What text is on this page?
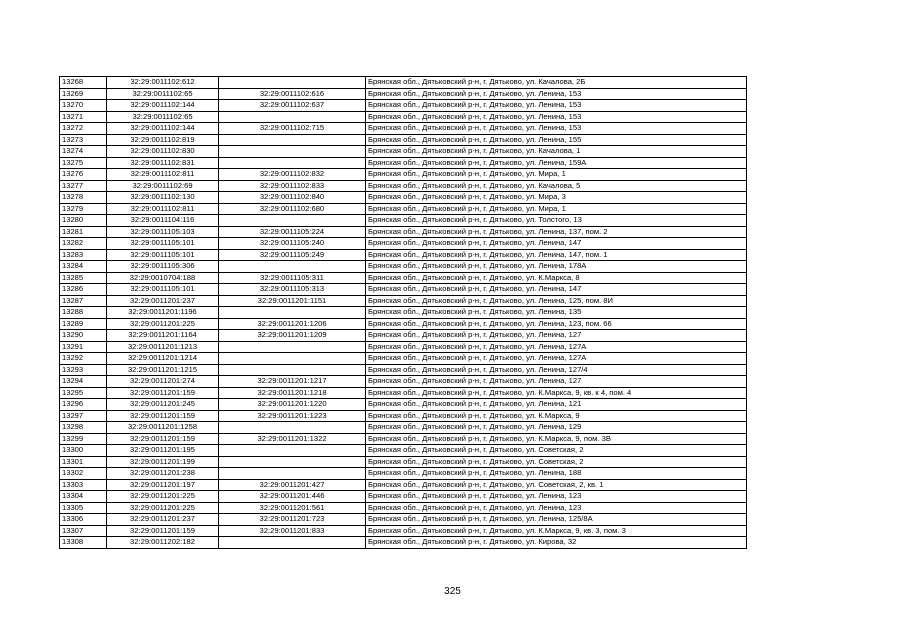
13268	32:29:0011102:612		Брянская обл., Дятьковский р-н, г. Дятьково, ул. Качалова, 2Б
13269	32:29:0011102:65	32:29:0011102:616	Брянская обл., Дятьковский р-н, г. Дятьково, ул. Ленина, 153
13270	32:29:0011102:144	32:29:0011102:637	Брянская обл., Дятьковский р-н, г. Дятьково, ул. Ленина, 153
13271	32:29:0011102:65		Брянская обл., Дятьковский р-н, г. Дятьково, ул. Ленина, 153
13272	32:29:0011102:144	32:29:0011102:715	Брянская обл., Дятьковский р-н, г. Дятьково, ул. Ленина, 153
13273	32:29:0011102:819		Брянская обл., Дятьковский р-н, г. Дятьково, ул. Ленина, 155
13274	32:29:0011102:830		Брянская обл., Дятьковский р-н, г. Дятьково, ул. Качалова, 1
13275	32:29:0011102:831		Брянская обл., Дятьковский р-н, г. Дятьково, ул. Ленина, 159А
13276	32:29:0011102:811	32:29:0011102:832	Брянская обл., Дятьковский р-н, г. Дятьково, ул. Мира, 1
13277	32:29:0011102:69	32:29:0011102:833	Брянская обл., Дятьковский р-н, г. Дятьково, ул. Качалова, 5
13278	32:29:0011102:130	32:29:0011102:840	Брянская обл., Дятьковский р-н, г. Дятьково, ул. Мира, 3
13279	32:29:0011102:811	32:29:0011102:680	Брянская обл., Дятьковский р-н, г. Дятьково, ул. Мира, 1
13280	32:29:0011104:116		Брянская обл., Дятьковский р-н, г. Дятьково, ул. Толстого, 13
13281	32:29:0011105:103	32:29:0011105:224	Брянская обл., Дятьковский р-н, г. Дятьково, ул. Ленина, 137, пом. 2
13282	32:29:0011105:101	32:29:0011105:240	Брянская обл., Дятьковский р-н, г. Дятьково, ул. Ленина, 147
13283	32:29:0011105:101	32:29:0011105:249	Брянская обл., Дятьковский р-н, г. Дятьково, ул. Ленина, 147, пом. 1
13284	32:29:0011105:306		Брянская обл., Дятьковский р-н, г. Дятьково, ул. Ленина, 178А
13285	32:29:0010704:188	32:29:0011105:311	Брянская обл., Дятьковский р-н, г. Дятьково, ул. К.Маркса, 8
13286	32:29:0011105:101	32:29:0011105:313	Брянская обл., Дятьковский р-н, г. Дятьково, ул. Ленина, 147
13287	32:29:0011201:237	32:29:0011201:1151	Брянская обл., Дятьковский р-н, г. Дятьково, ул. Ленина, 125, пом. 8И
13288	32:29:0011201:1196		Брянская обл., Дятьковский р-н, г. Дятьково, ул. Ленина, 135
13289	32:29:0011201:225	32:29:0011201:1206	Брянская обл., Дятьковский р-н, г. Дятьково, ул. Ленина, 123, пом. 66
13290	32:29:0011201:1164	32:29:0011201:1209	Брянская обл., Дятьковский р-н, г. Дятьково, ул. Ленина, 127
13291	32:29:0011201:1213		Брянская обл., Дятьковский р-н, г. Дятьково, ул. Ленина, 127А
13292	32:29:0011201:1214		Брянская обл., Дятьковский р-н, г. Дятьково, ул. Ленина, 127А
13293	32:29:0011201:1215		Брянская обл., Дятьковский р-н, г. Дятьково, ул. Ленина, 127/4
13294	32:29:0011201:274	32:29:0011201:1217	Брянская обл., Дятьковский р-н, г. Дятьково, ул. Ленина, 127
13295	32:29:0011201:159	32:29:0011201:1218	Брянская обл., Дятьковский р-н, г. Дятьково, ул. К.Маркса, 9, кв. к 4, пом. 4
13296	32:29:0011201:245	32:29:0011201:1220	Брянская обл., Дятьковский р-н, г. Дятьково, ул. Ленина, 121
13297	32:29:0011201:159	32:29:0011201:1223	Брянская обл., Дятьковский р-н, г. Дятьково, ул. К.Маркса, 9
13298	32:29:0011201:1258		Брянская обл., Дятьковский р-н, г. Дятьково, ул. Ленина, 129
13299	32:29:0011201:159	32:29:0011201:1322	Брянская обл., Дятьковский р-н, г. Дятьково, ул. К.Маркса, 9, пом. 3В
13300	32:29:0011201:195		Брянская обл., Дятьковский р-н, г. Дятьково, ул. Советская, 2
13301	32:29:0011201:199		Брянская обл., Дятьковский р-н, г. Дятьково, ул. Советская, 2
13302	32:29:0011201:238		Брянская обл., Дятьковский р-н, г. Дятьково, ул. Ленина, 188
13303	32:29:0011201:197	32:29:0011201:427	Брянская обл., Дятьковский р-н, г. Дятьково, ул. Советская, 2, кв. 1
13304	32:29:0011201:225	32:29:0011201:446	Брянская обл., Дятьковский р-н, г. Дятьково, ул. Ленина, 123
13305	32:29:0011201:225	32:29:0011201:561	Брянская обл., Дятьковский р-н, г. Дятьково, ул. Ленина, 123
13306	32:29:0011201:237	32:29:0011201:723	Брянская обл., Дятьковский р-н, г. Дятьково, ул. Ленина, 125/8А
13307	32:29:0011201:159	32:29:0011201:833	Брянская обл., Дятьковский р-н, г. Дятьково, ул. К.Маркса, 9, кв. 3, пом. 3
13308	32:29:0011202:182		Брянская обл., Дятьковский р-н, г. Дятьково, ул. Кирова, 32
325
